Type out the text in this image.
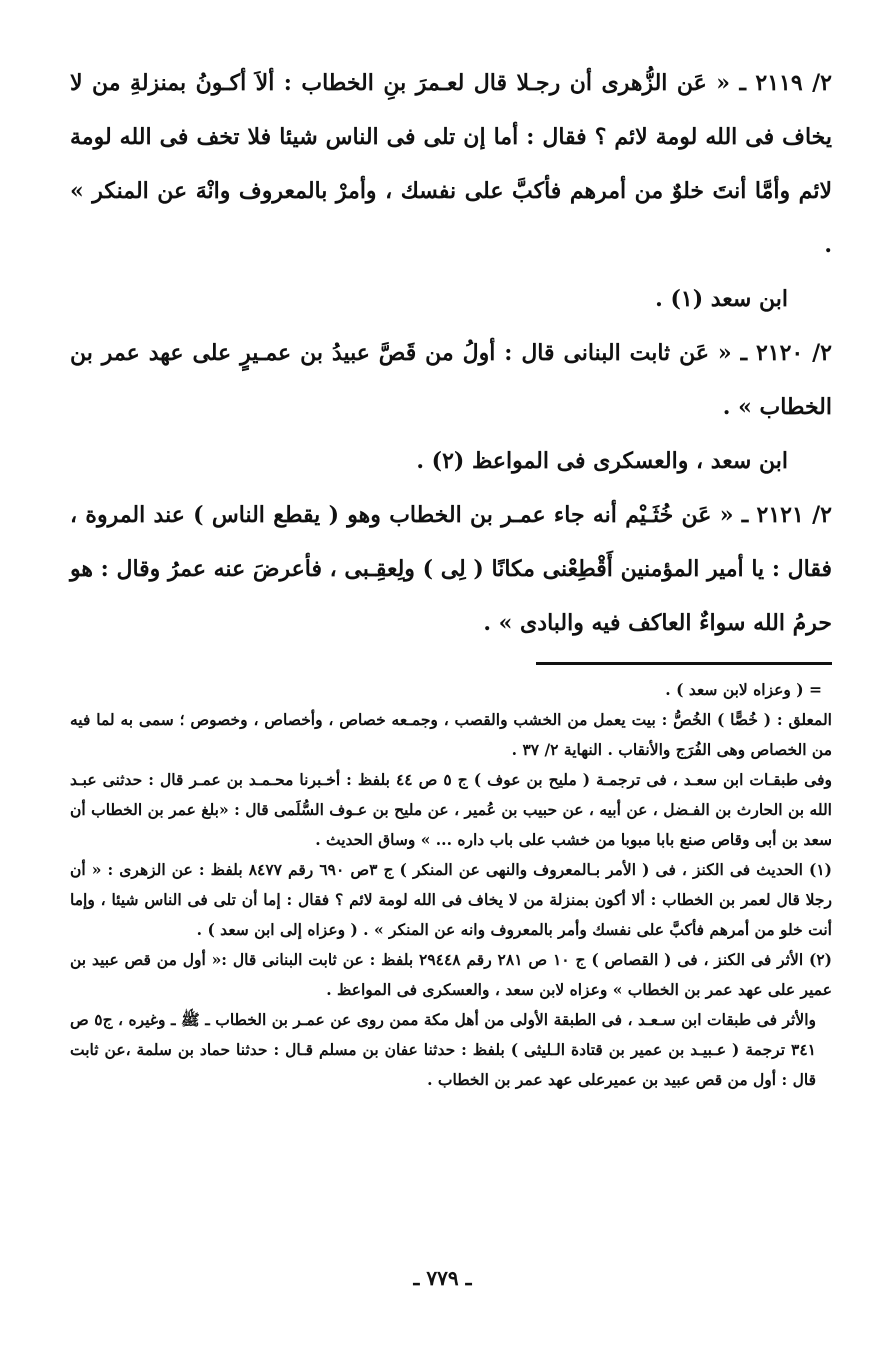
٢/ ٢١١٩ ـ « عَن الزُّهرى أن رجـلا قال لعـمرَ بنِ الخطاب : ألاَ أكـونُ بمنزلةِ من لا يخاف فى الله لومة لائم ؟ فقال : أما إن تلى فى الناس شيئا فلا تخف فى الله لومة لائم وأمَّا أنتَ خلوٌ من أمرهم فأكبَّ على نفسك ، وأمرْ بالمعروف وانْهَ عن المنكر » .

ابن سعد (١) .

٢/ ٢١٢٠ ـ « عَن ثابت البنانى قال : أولُ من قَصَّ عبيدُ بن عمـيرٍ على عهد عمر بن الخطاب » .

ابن سعد ، والعسكرى فى المواعظ (٢) .

٢/ ٢١٢١ ـ « عَن خُثَـيْم أنه جاء عمـر بن الخطاب وهو ( يقطع الناس ) عند المروة ، فقال : يا أمير المؤمنين أَقْطِعْنى مكانًا ( لِى ) ولِعقِـبى ، فأعرضَ عنه عمرُ وقال : هو حرمُ الله سواءٌ العاكف فيه والبادى » .

= ( وعزاه لابن سعد ) .

المعلق : ( خُصًّا ) الخُصُّ : بيت يعمل من الخشب والقصب ، وجمـعه خصاص ، وأخصاص ، وخصوص ؛ سمى به لما فيه من الخصاص وهى الفُرَج والأنقاب . النهاية ٢/ ٣٧ .

وفى طبقـات ابن سعـد ، فى ترجمـة ( مليح بن عوف ) ج ٥ ص ٤٤ بلفظ : أخـبرنا محـمـد بن عمـر قال : حدثنى عبـد الله بن الحارث بن الفـضل ، عن أبيه ، عن حبيب بن عُمير ، عن مليح بن عـوف السُّلَمى قال : «بلغ عمر بن الخطاب أن سعد بن أبى وقاص صنع بابا مبوبا من خشب على باب داره ... » وساق الحديث .

(١) الحديث فى الكنز ، فى ( الأمر بـالمعروف والنهى عن المنكر ) ج ٣ص ٦٩٠ رقم ٨٤٧٧ بلفظ : عن الزهرى : « أن رجلا قال لعمر بن الخطاب : ألا أكون بمنزلة من لا يخاف فى الله لومة لائم ؟ فقال : إما أن تلى فى الناس شيئا ، وإما أنت خلو من أمرهم فأكبَّ على نفسك وأمر بالمعروف وانه عن المنكر » . ( وعزاه إلى ابن سعد ) .

(٢) الأثر فى الكنز ، فى ( القصاص ) ج ١٠ ص ٢٨١ رقم ٢٩٤٤٨ بلفظ : عن ثابت البنانى قال :« أول من قص عبيد بن عمير على عهد عمر بن الخطاب » وعزاه لابن سعد ، والعسكرى فى المواعظ .

والأثر فى طبقات ابن سـعـد ، فى الطبقة الأولى من أهل مكة ممن روى عن عمـر بن الخطاب ـ ﷺ ـ وغيره ، ج٥ ص ٣٤١ ترجمة ( عـبيـد بن عمير بن قتادة الـليثى ) بلفظ : حدثنا عفان بن مسلم قـال : حدثنا حماد بن سلمة ،عن ثابت قال : أول من قص عبيد بن عميرعلى عهد عمر بن الخطاب .

ـ ٧٧٩ ـ
